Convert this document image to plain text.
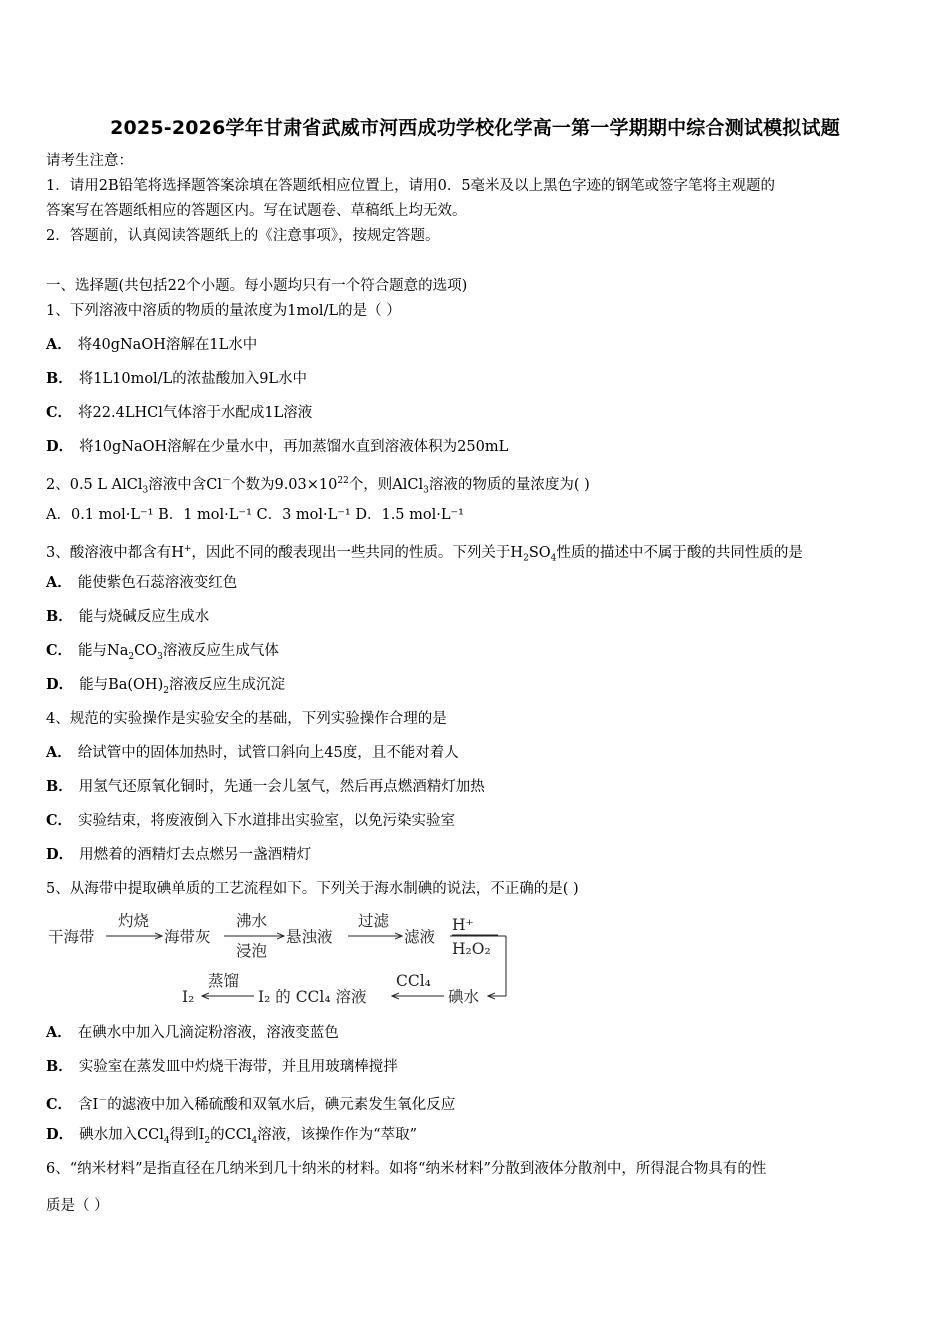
2025-2026学年甘肃省武威市河西成功学校化学高一第一学期期中综合测试模拟试题
请考生注意：
1．请用2B铅笔将选择题答案涂填在答题纸相应位置上，请用0．5毫米及以上黑色字迹的钢笔或签字笔将主观题的
答案写在答题纸相应的答题区内。写在试题卷、草稿纸上均无效。
2．答题前，认真阅读答题纸上的《注意事项》，按规定答题。
一、选择题(共包括22个小题。每小题均只有一个符合题意的选项)
1、下列溶液中溶质的物质的量浓度为1mol/L的是（ ）
A． 将40gNaOH溶解在1L水中
B． 将1L10mol/L的浓盐酸加入9L水中
C． 将22.4LHCl气体溶于水配成1L溶液
D． 将10gNaOH溶解在少量水中，再加蒸馏水直到溶液体积为250mL
2、0.5 L AlCl$_3$溶液中含Cl－个数为$9.03\times 10^{22}$个，则AlCl$_3$溶液的物质的量浓度为( )
A．0.1 mol·L⁻¹ B．1 mol·L⁻¹ C．3 mol·L⁻¹ D．1.5 mol·L⁻¹
3、酸溶液中都含有H+，因此不同的酸表现出一些共同的性质。下列关于$H_2SO_4$性质的描述中不属于酸的共同性质的是
A． 能使紫色石蕊溶液变红色
B． 能与烧碱反应生成水
C． 能与$Na_2CO_3$溶液反应生成气体
D． 能与$Ba(OH)_2$溶液反应生成沉淀
4、规范的实验操作是实验安全的基础，下列实验操作合理的是
A． 给试管中的固体加热时，试管口斜向上45度，且不能对着人
B． 用氢气还原氧化铜时，先通一会儿氢气，然后再点燃酒精灯加热
C． 实验结束，将废液倒入下水道排出实验室，以免污染实验室
D． 用燃着的酒精灯去点燃另一盏酒精灯
5、从海带中提取碘单质的工艺流程如下。下列关于海水制碘的说法，不正确的是( )
干海带
灼烧
海带灰
沸水
浸泡
悬浊液
过滤
滤液
H⁺
H₂O₂
碘水
CCl₄
I₂ 的 CCl₄ 溶液
蒸馏
I₂
A． 在碘水中加入几滴淀粉溶液，溶液变蓝色
B． 实验室在蒸发皿中灼烧干海带，并且用玻璃棒搅拌
C． 含I－的滤液中加入稀硫酸和双氧水后，碘元素发生氧化反应
D． 碘水加入CCl$_4$得到$I_2$的CCl$_4$溶液，该操作作为“萃取”
6、“纳米材料”是指直径在几纳米到几十纳米的材料。如将“纳米材料”分散到液体分散剂中，所得混合物具有的性
质是（ ）
